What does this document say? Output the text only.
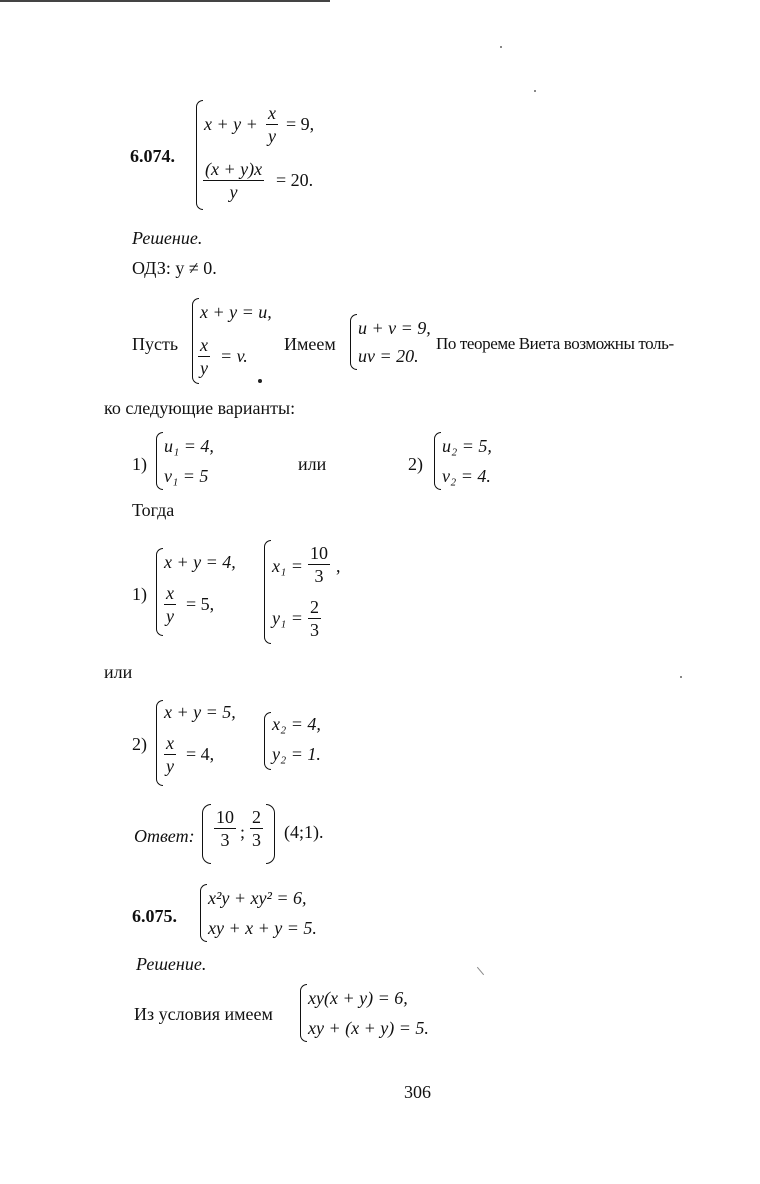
6.074.
$x + y + \frac{x}{y} = 9$,
$\frac{(x + y)x}{y} = 20$.
Решение.
ОДЗ: y ≠ 0.
Пусть
x + y = u,
$\frac{x}{y} = v$.
Имеем
u + v = 9,
uv = 20.
По теореме Виета возможны толь-
ко следующие варианты:
1)
u₁ = 4,
v₁ = 5
или	2)
u₂ = 5,
v₂ = 4.
Тогда
1)
x + y = 4,
$\frac{x}{y} = 5$,
$x_1 = \frac{10}{3}$ ,
$y_1 = \frac{2}{3}$
или
2)
x + y = 5,
$\frac{x}{y} = 4$,
x₂ = 4,
y₂ = 1.
Ответ: $\frac{10}{3}$ ; $\frac{2}{3}$ (4;1).
6.075.
x²y + xy² = 6,
xy + x + y = 5.
Решение.
Из условия имеем
xy(x + y) = 6,
xy + (x + y) = 5.
306
